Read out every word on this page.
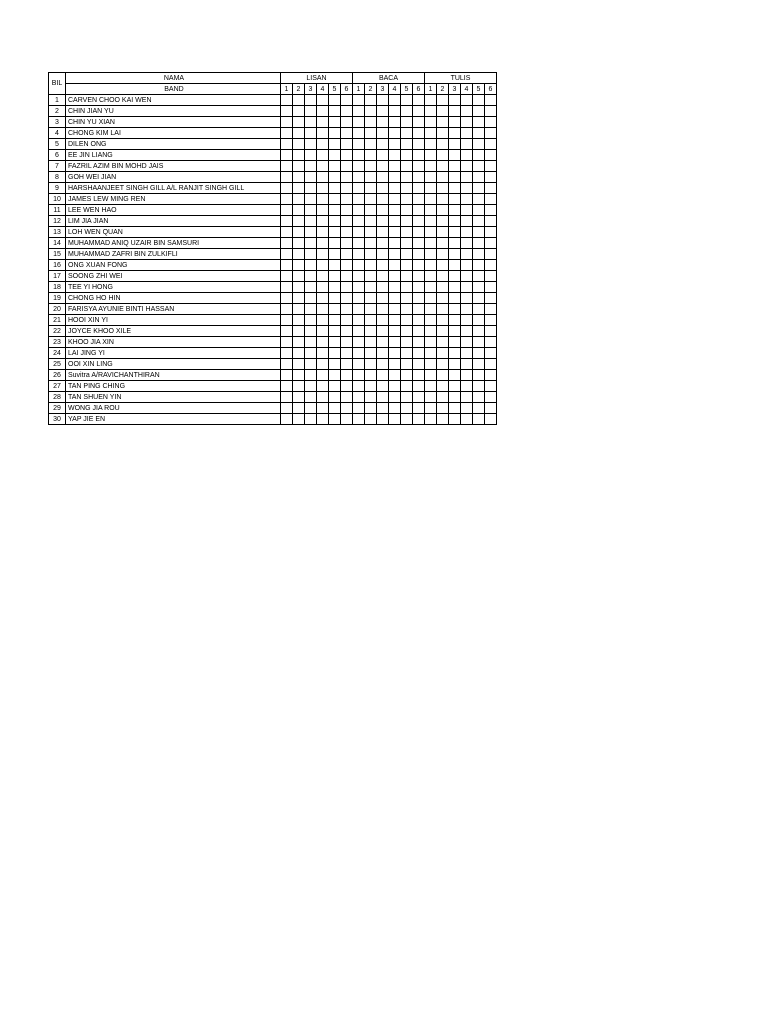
BIL	NAMA	LISAN						BACA						TULIS					
	BAND	1	2	3	4	5	6	1	2	3	4	5	6	1	2	3	4	5	6
1	CARVEN CHOO KAI WEN																		
2	CHIN JIAN YU																		
3	CHIN YU XIAN																		
4	CHONG KIM LAI																		
5	DILEN ONG																		
6	EE JIN LIANG																		
7	FAZRIL AZIM BIN MOHD JAIS																		
8	GOH WEI JIAN																		
9	HARSHAANJEET SINGH GILL A/L RANJIT SINGH GILL																		
10	JAMES LEW MING REN																		
11	LEE WEN HAO																		
12	LIM JIA JIAN																		
13	LOH WEN QUAN																		
14	MUHAMMAD ANIQ UZAIR BIN SAMSURI																		
15	MUHAMMAD ZAFRI BIN ZULKIFLI																		
16	ONG XUAN FONG																		
17	SOONG ZHI WEI																		
18	TEE YI HONG																		
19	CHONG HO HIN																		
20	FARISYA AYUNIE BINTI HASSAN																		
21	HOOI XIN YI																		
22	JOYCE KHOO XILE																		
23	KHOO JIA XIN																		
24	LAI JING YI																		
25	OOI XIN LING																		
26	Suvitra A/RAVICHANTHIRAN																		
27	TAN PING CHING																		
28	TAN SHUEN YIN																		
29	WONG JIA ROU																		
30	YAP JIE EN																		
